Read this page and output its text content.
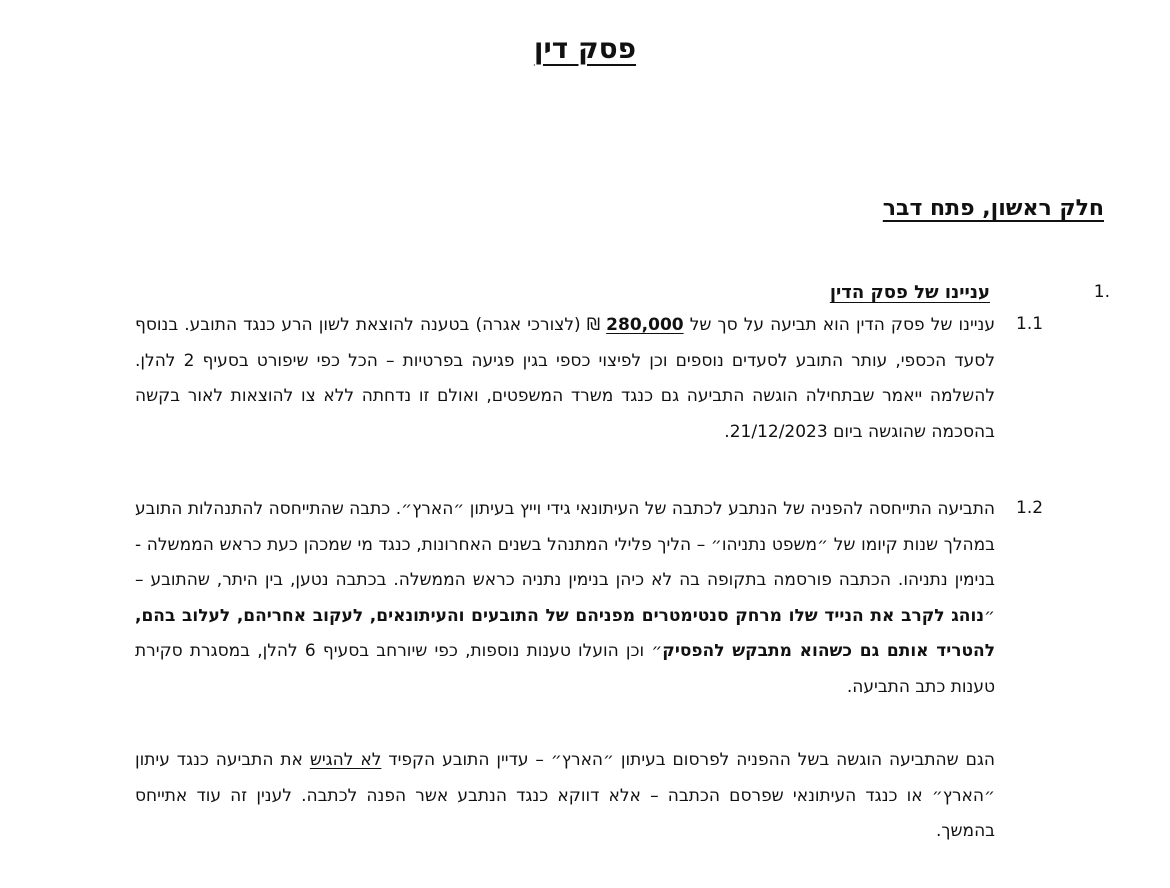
פסק דין
חלק ראשון, פתח דבר
1.
עניינו של פסק הדין
1.1
עניינו של פסק הדין הוא תביעה על סך של 280,000 ₪ (לצורכי אגרה) בטענה להוצאת לשון הרע כנגד התובע. בנוסף לסעד הכספי, עותר התובע לסעדים נוספים וכן לפיצוי כספי בגין פגיעה בפרטיות – הכל כפי שיפורט בסעיף 2 להלן. להשלמה ייאמר שבתחילה הוגשה התביעה גם כנגד משרד המשפטים, ואולם זו נדחתה ללא צו להוצאות לאור בקשה בהסכמה שהוגשה ביום 21/12/2023.
1.2
התביעה התייחסה להפניה של הנתבע לכתבה של העיתונאי גידי וייץ בעיתון ״הארץ״. כתבה שהתייחסה להתנהלות התובע במהלך שנות קיומו של ״משפט נתניהו״ – הליך פלילי המתנהל בשנים האחרונות, כנגד מי שמכהן כעת כראש הממשלה - בנימין נתניהו. הכתבה פורסמה בתקופה בה לא כיהן בנימין נתניה כראש הממשלה. בכתבה נטען, בין היתר, שהתובע – ״נוהג לקרב את הנייד שלו מרחק סנטימטרים מפניהם של התובעים והעיתונאים, לעקוב אחריהם, לעלוב בהם, להטריד אותם גם כשהוא מתבקש להפסיק״ וכן הועלו טענות נוספות, כפי שיורחב בסעיף 6 להלן, במסגרת סקירת טענות כתב התביעה.
הגם שהתביעה הוגשה בשל ההפניה לפרסום בעיתון ״הארץ״ – עדיין התובע הקפיד לא להגיש את התביעה כנגד עיתון ״הארץ״ או כנגד העיתונאי שפרסם הכתבה – אלא דווקא כנגד הנתבע אשר הפנה לכתבה. לענין זה עוד אתייחס בהמשך.
